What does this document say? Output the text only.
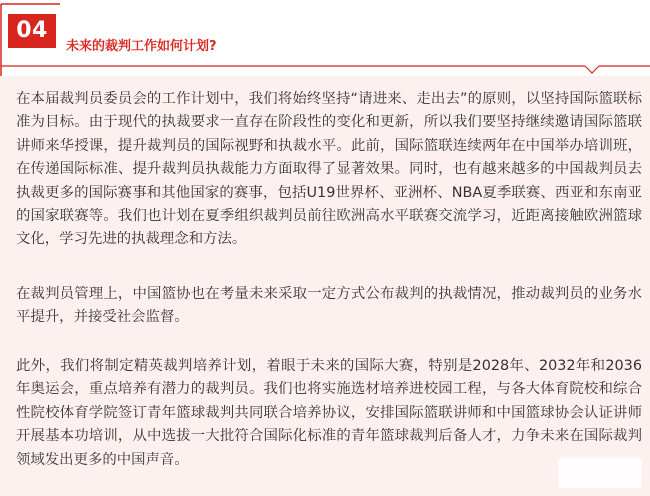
04
未来的裁判工作如何计划?

在本届裁判员委员会的工作计划中，我们将始终坚持“请进来、走出去”的原则，以坚持国际篮联标准为目标。由于现代的执裁要求一直存在阶段性的变化和更新，所以我们要坚持继续邀请国际篮联讲师来华授课，提升裁判员的国际视野和执裁水平。此前，国际篮联连续两年在中国举办培训班，在传递国际标准、提升裁判员执裁能力方面取得了显著效果。同时，也有越来越多的中国裁判员去执裁更多的国际赛事和其他国家的赛事，包括U19世界杯、亚洲杯、NBA夏季联赛、西亚和东南亚的国家联赛等。我们也计划在夏季组织裁判员前往欧洲高水平联赛交流学习，近距离接触欧洲篮球文化，学习先进的执裁理念和方法。

在裁判员管理上，中国篮协也在考量未来采取一定方式公布裁判的执裁情况，推动裁判员的业务水平提升，并接受社会监督。

此外，我们将制定精英裁判培养计划，着眼于未来的国际大赛，特别是2028年、2032年和2036年奥运会，重点培养有潜力的裁判员。我们也将实施选材培养进校园工程，与各大体育院校和综合性院校体育学院签订青年篮球裁判共同联合培养协议，安排国际篮联讲师和中国篮球协会认证讲师开展基本功培训，从中选拔一大批符合国际化标准的青年篮球裁判后备人才，力争未来在国际裁判领域发出更多的中国声音。
